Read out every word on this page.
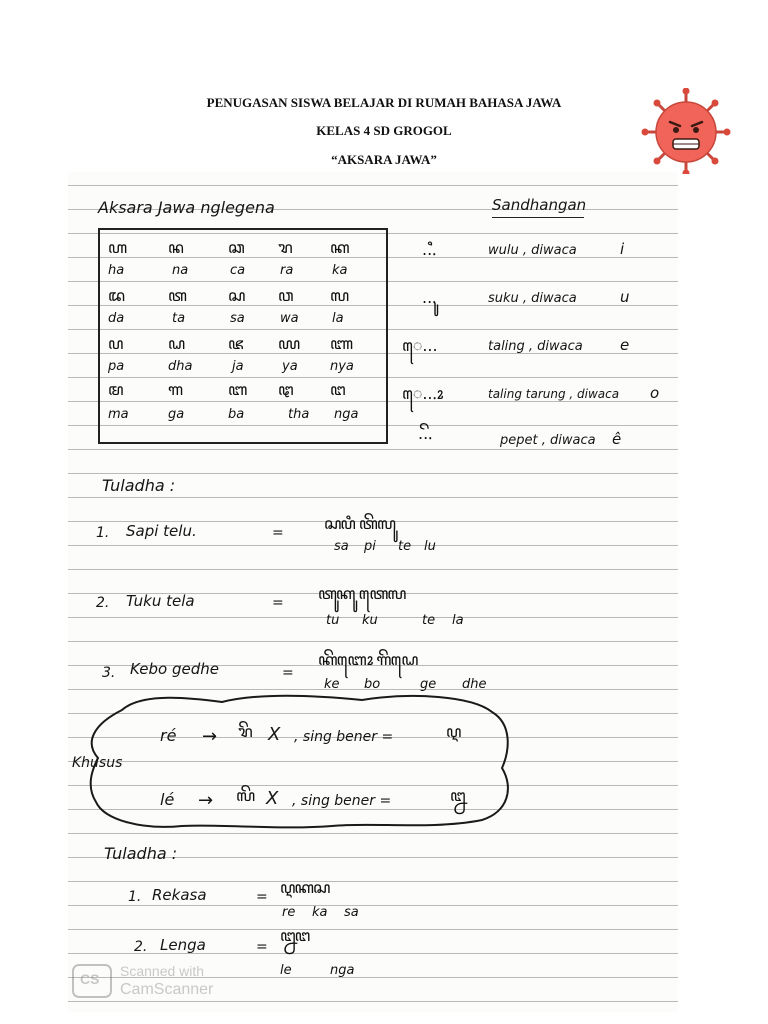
PENUGASAN SISWA BELAJAR DI RUMAH BAHASA JAWA
KELAS 4 SD GROGOL
“AKSARA JAWA”
Aksara Jawa nglegena	Sandhangan
ꦲ	ꦤ	ꦕ ꦫ ꦏ
ha	na	ca	ra	ka
ꦢ	ꦠ	ꦱ ꦮ ꦭ
da	ta	sa	wa	la
ꦥ	ꦝ	ꦗ ꦪ ꦚ
pa	dha	ja	ya nya
ꦩ	ꦒ	ꦧ ꦛ ꦔ
ma	ga	ba	tha nga
...ꦶ	wulu , diwaca	i
...ꦸ	suku , diwaca	u
ꦺ...	taling , diwaca e
ꦺ...ꦴ	taling tarung , diwaca o
...ꦼ	pepet , diwaca ê
Tuladha :
1. Sapi telu.	=	ꦱꦥꦶ ꦠꦼꦭꦸ
sa pi te lu
2. Tuku tela	= ꦠꦸꦏꦸ ꦠꦺꦭ
tu ku	te la
3. Kebo gedhe	=
ꦏꦼꦧꦺꦴ ꦒꦼꦝꦺ
ke bo	ge dhe
Khusus
ré → ꦫꦼ X , sing bener =	ꦉ
lé → ꦭꦼ X , sing bener =	ꦊ
Tuladha :
1. Rekasa	= ꦉꦏꦱ
re ka sa
2. Lenga	=
ꦊꦔ
le	nga
CS Scanned with
CamScanner
